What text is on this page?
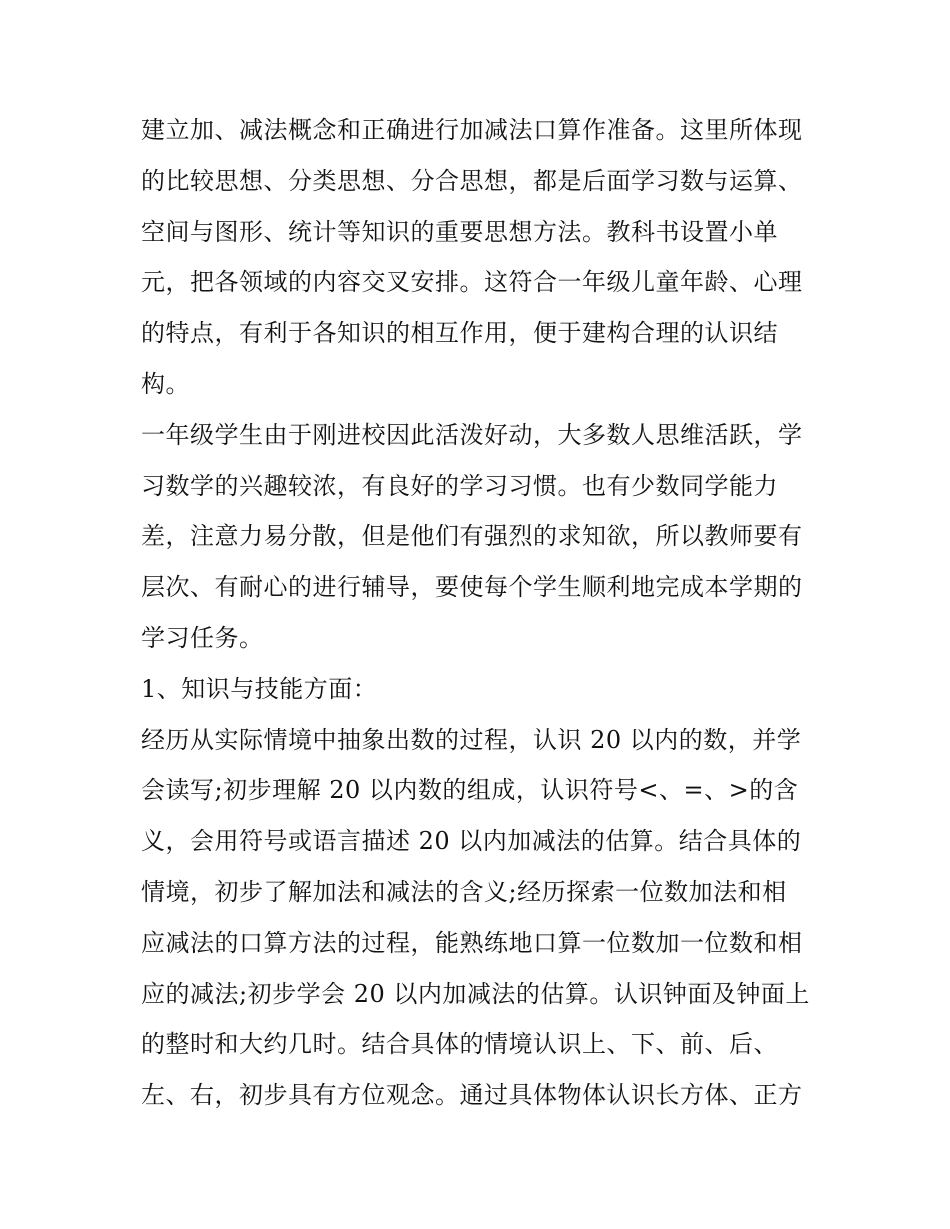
建立加、减法概念和正确进行加减法口算作准备。这里所体现
的比较思想、分类思想、分合思想，都是后面学习数与运算、
空间与图形、统计等知识的重要思想方法。教科书设置小单
元，把各领域的内容交叉安排。这符合一年级儿童年龄、心理
的特点，有利于各知识的相互作用，便于建构合理的认识结
构。
一年级学生由于刚进校因此活泼好动，大多数人思维活跃，学
习数学的兴趣较浓，有良好的学习习惯。也有少数同学能力
差，注意力易分散，但是他们有强烈的求知欲，所以教师要有
层次、有耐心的进行辅导，要使每个学生顺利地完成本学期的
学习任务。
1、知识与技能方面：
经历从实际情境中抽象出数的过程，认识 20 以内的数，并学
会读写;初步理解 20 以内数的组成，认识符号<、=、>的含
义，会用符号或语言描述 20 以内加减法的估算。结合具体的
情境，初步了解加法和减法的含义;经历探索一位数加法和相
应减法的口算方法的过程，能熟练地口算一位数加一位数和相
应的减法;初步学会 20 以内加减法的估算。认识钟面及钟面上
的整时和大约几时。结合具体的情境认识上、下、前、后、
左、右，初步具有方位观念。通过具体物体认识长方体、正方
